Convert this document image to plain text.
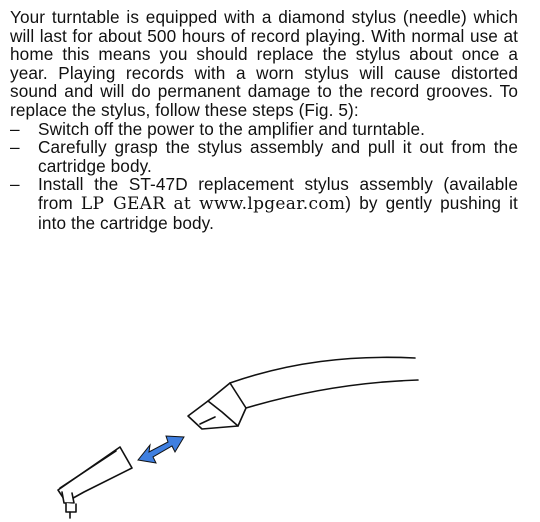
Your turntable is equipped with a diamond stylus (needle) which will last for about 500 hours of record playing. With normal use at home this means you should replace the stylus about once a year. Playing records with a worn stylus will cause distorted sound and will do permanent damage to the record grooves. To replace the stylus, follow these steps (Fig. 5):

–	Switch off the power to the amplifier and turntable.
–	Carefully grasp the stylus assembly and pull it out from the cartridge body.
–	Install the ST-47D replacement stylus assembly (available from LP GEAR at www.lpgear.com) by gently pushing it into the cartridge body.
